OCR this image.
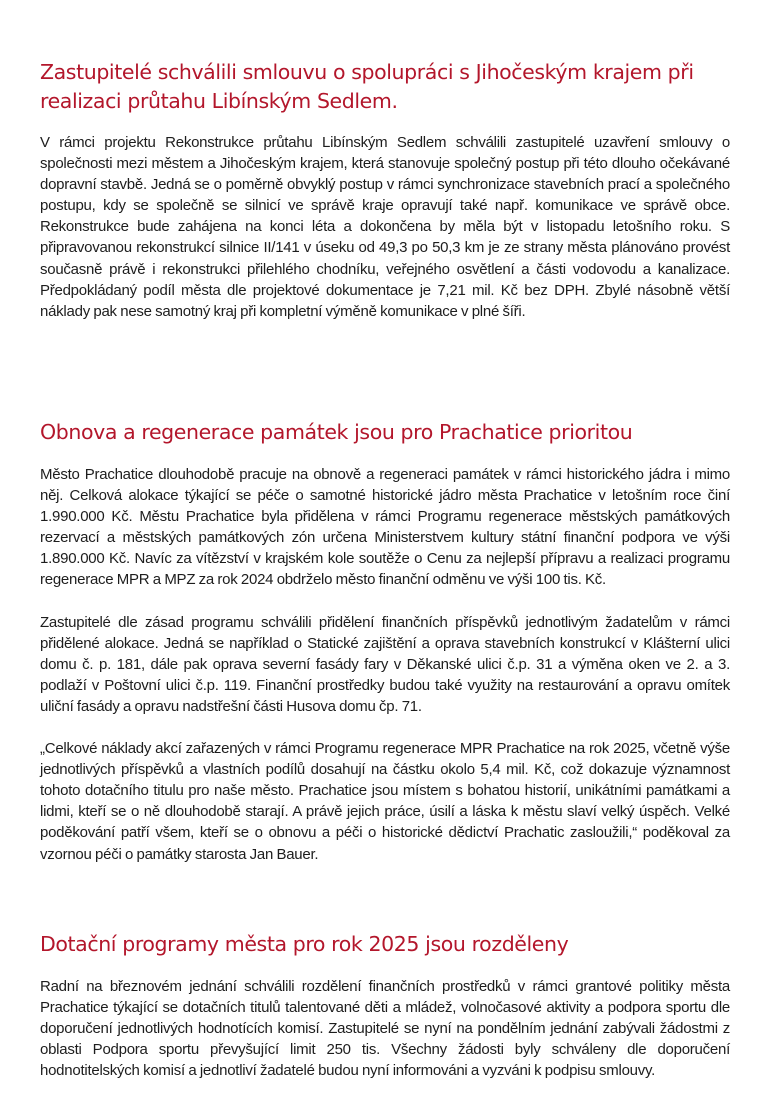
Zastupitelé schválili smlouvu o spolupráci s Jihočeským krajem při realizaci průtahu Libínským Sedlem.

V rámci projektu Rekonstrukce průtahu Libínským Sedlem schválili zastupitelé uzavření smlouvy o společnosti mezi městem a Jihočeským krajem, která stanovuje společný postup při této dlouho očekávané dopravní stavbě. Jedná se o poměrně obvyklý postup v rámci synchronizace stavebních prací a společného postupu, kdy se společně se silnicí ve správě kraje opravují také např. komunikace ve správě obce. Rekonstrukce bude zahájena na konci léta a dokončena by měla být v listopadu letošního roku. S připravovanou rekonstrukcí silnice II/141 v úseku od 49,3 po 50,3 km je ze strany města plánováno provést současně právě i rekonstrukci přilehlého chodníku, veřejného osvětlení a části vodovodu a kanalizace. Předpokládaný podíl města dle projektové dokumentace je 7,21 mil. Kč bez DPH. Zbylé násobně větší náklady pak nese samotný kraj při kompletní výměně komunikace v plné šíři.

Obnova a regenerace památek jsou pro Prachatice prioritou

Město Prachatice dlouhodobě pracuje na obnově a regeneraci památek v rámci historického jádra i mimo něj. Celková alokace týkající se péče o samotné historické jádro města Prachatice v letošním roce činí 1.990.000 Kč. Městu Prachatice byla přidělena v rámci Programu regenerace městských památkových rezervací a městských památkových zón určena Ministerstvem kultury státní finanční podpora ve výši 1.890.000 Kč. Navíc za vítězství v krajském kole soutěže o Cenu za nejlepší přípravu a realizaci programu regenerace MPR a MPZ za rok 2024 obdrželo město finanční odměnu ve výši 100 tis. Kč.

Zastupitelé dle zásad programu schválili přidělení finančních příspěvků jednotlivým žadatelům v rámci přidělené alokace. Jedná se například o Statické zajištění a oprava stavebních konstrukcí v Klášterní ulici domu č. p. 181, dále pak oprava severní fasády fary v Děkanské ulici č.p. 31 a výměna oken ve 2. a 3. podlaží v Poštovní ulici č.p. 119. Finanční prostředky budou také využity na restaurování a opravu omítek uliční fasády a opravu nadstřešní části Husova domu čp. 71.

„Celkové náklady akcí zařazených v rámci Programu regenerace MPR Prachatice na rok 2025, včetně výše jednotlivých příspěvků a vlastních podílů dosahují na částku okolo 5,4 mil. Kč, což dokazuje významnost tohoto dotačního titulu pro naše město. Prachatice jsou místem s bohatou historií, unikátními památkami a lidmi, kteří se o ně dlouhodobě starají. A právě jejich práce, úsilí a láska k městu slaví velký úspěch. Velké poděkování patří všem, kteří se o obnovu a péči o historické dědictví Prachatic zasloužili,“ poděkoval za vzornou péči o památky starosta Jan Bauer.

Dotační programy města pro rok 2025 jsou rozděleny

Radní na březnovém jednání schválili rozdělení finančních prostředků v rámci grantové politiky města Prachatice týkající se dotačních titulů talentované děti a mládež, volnočasové aktivity a podpora sportu dle doporučení jednotlivých hodnotících komisí. Zastupitelé se nyní na pondělním jednání zabývali žádostmi z oblasti Podpora sportu převyšující limit 250 tis. Všechny žádosti byly schváleny dle doporučení hodnotitelských komisí a jednotliví žadatelé budou nyní informováni a vyzváni k podpisu smlouvy.
